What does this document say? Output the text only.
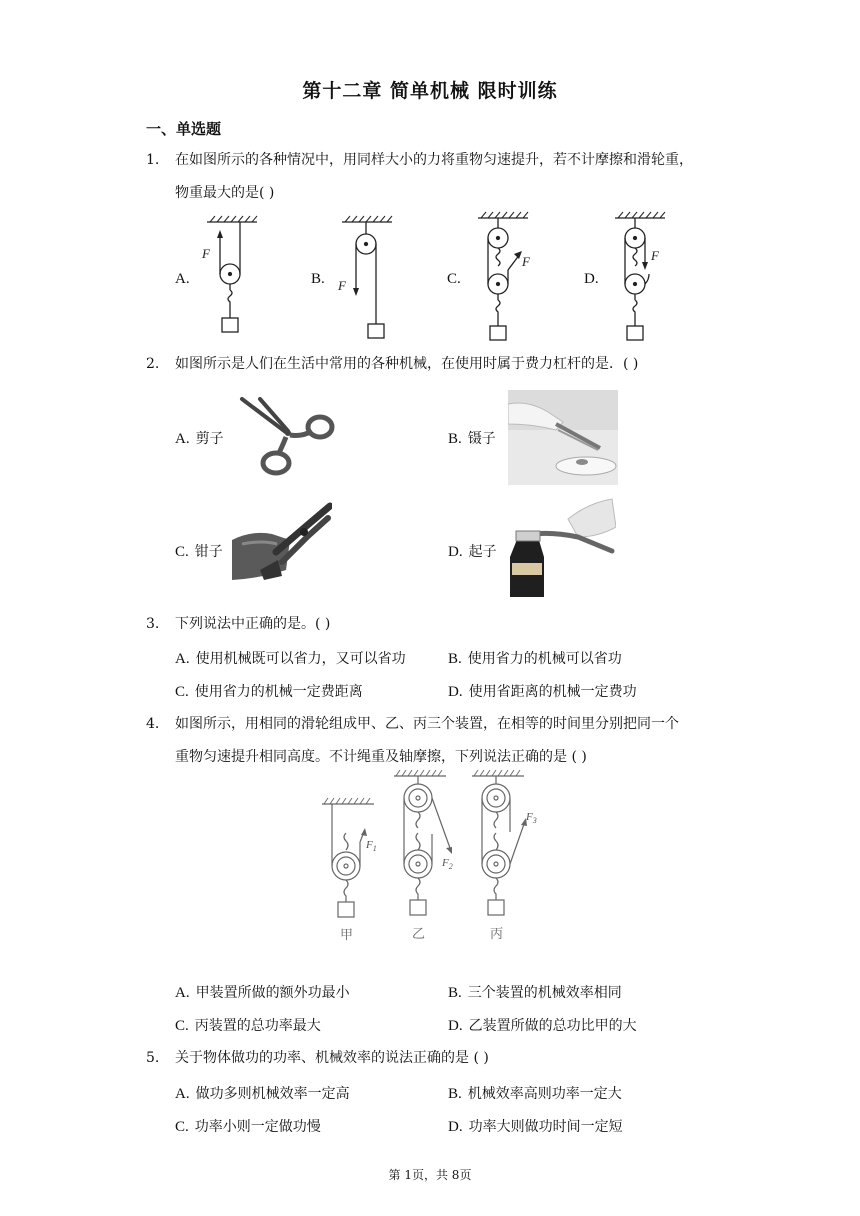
第十二章 简单机械 限时训练
一、单选题
1. 在如图所示的各种情况中，用同样大小的力将重物匀速提升，若不计摩擦和滑轮重，
物重最大的是( )
A.	B.	C.	D.
F
F
F	F
2. 如图所示是人们在生活中常用的各种机械，在使用时属于费力杠杆的是．( )
A. 剪子	B. 镊子
C. 钳子	D. 起子
3. 下列说法中正确的是。( )
A. 使用机械既可以省力，又可以省功	B. 使用省力的机械可以省功
C. 使用省力的机械一定费距离	D. 使用省距离的机械一定费功
4. 如图所示，用相同的滑轮组成甲、乙、丙三个装置，在相等的时间里分别把同一个
重物匀速提升相同高度。不计绳重及轴摩擦，下列说法正确的是 ( )
$F_1$
$F_2$
$F_3$
甲	乙	丙
A. 甲装置所做的额外功最小	B. 三个装置的机械效率相同
C. 丙装置的总功率最大	D. 乙装置所做的总功比甲的大
5. 关于物体做功的功率、机械效率的说法正确的是 ( )
A. 做功多则机械效率一定高	B. 机械效率高则功率一定大
C. 功率小则一定做功慢	D. 功率大则做功时间一定短
第 1页，共 8页
